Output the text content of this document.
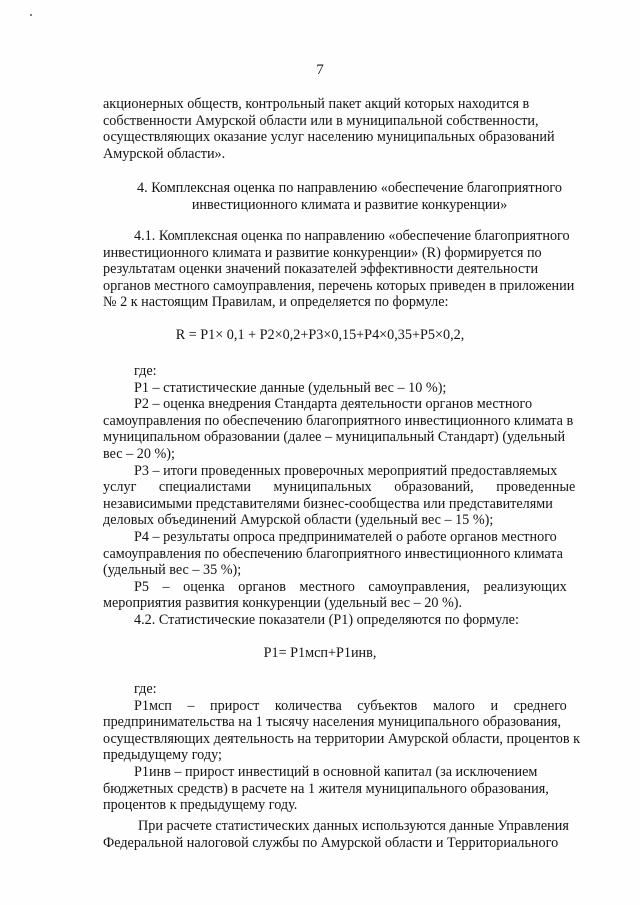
7

акционерных обществ, контрольный пакет акций которых находится в

собственности Амурской области или в муниципальной собственности,

осуществляющих оказание услуг населению муниципальных образований

Амурской области».

4. Комплексная оценка по направлению «обеспечение благоприятного
инвестиционного климата и развитие конкуренции»

4.1. Комплексная оценка по направлению «обеспечение благоприятного

инвестиционного климата и развитие конкуренции» (R) формируется по

результатам оценки значений показателей эффективности деятельности

органов местного самоуправления, перечень которых приведен в приложении

№ 2 к настоящим Правилам, и определяется по формуле:

R = P1× 0,1 + P2×0,2+P3×0,15+P4×0,35+P5×0,2,

где:

P1 – статистические данные (удельный вес – 10 %);

P2 – оценка внедрения Стандарта деятельности органов местного

самоуправления по обеспечению благоприятного инвестиционного климата в

муниципальном образовании (далее – муниципальный Стандарт) (удельный

вес – 20 %);

P3 – итоги проведенных проверочных мероприятий предоставляемых

услуг специалистами муниципальных образований, проведенные

независимыми представителями бизнес-сообщества или представителями

деловых объединений Амурской области (удельный вес – 15 %);

P4 – результаты опроса предпринимателей о работе органов местного

самоуправления по обеспечению благоприятного инвестиционного климата

(удельный вес – 35 %);

P5 – оценка органов местного самоуправления, реализующих

мероприятия развития конкуренции (удельный вес – 20 %).

4.2. Статистические показатели (P1) определяются по формуле:

P1= P1мсп+P1инв,

где:

P1мсп – прирост количества субъектов малого и среднего

предпринимательства на 1 тысячу населения муниципального образования,

осуществляющих деятельность на территории Амурской области, процентов к

предыдущему году;

P1инв – прирост инвестиций в основной капитал (за исключением

бюджетных средств) в расчете на 1 жителя муниципального образования,

процентов к предыдущему году.

При расчете статистических данных используются данные Управления

Федеральной налоговой службы по Амурской области и Территориального
